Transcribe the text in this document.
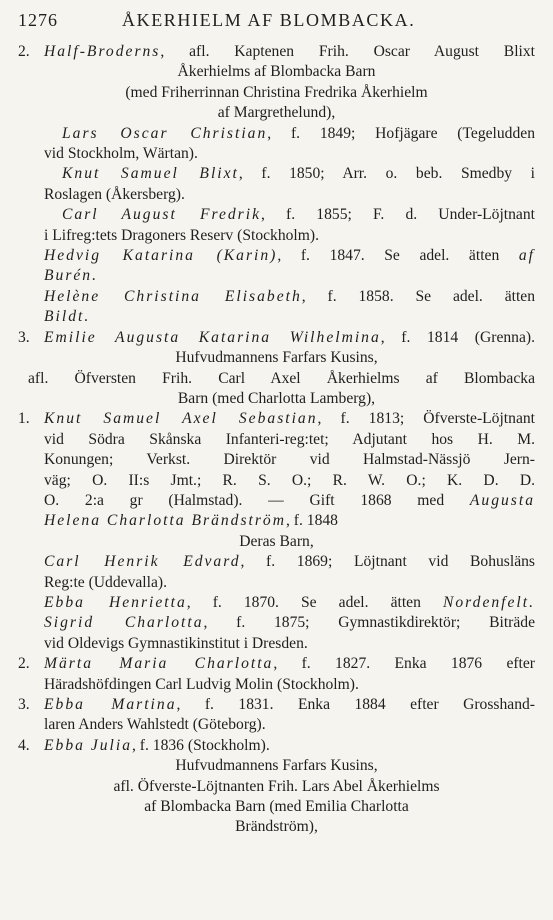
1276	ÅKERHIELM AF BLOMBACKA.
2. Half-Broderns, afl. Kaptenen Frih. Oscar August Blixt
Åkerhielms af Blombacka Barn
(med Friherrinnan Christina Fredrika Åkerhielm
af Margrethelund),
Lars Oscar Christian, f. 1849; Hofjägare (Tegeludden
vid Stockholm, Wärtan).
Knut Samuel Blixt, f. 1850; Arr. o. beb. Smedby i
Roslagen (Åkersberg).
Carl August Fredrik, f. 1855; F. d. Under-Löjtnant
i Lifreg:tets Dragoners Reserv (Stockholm).
Hedvig Katarina (Karin), f. 1847. Se adel. ätten af
Burén.
Helène Christina Elisabeth, f. 1858. Se adel. ätten
Bildt.
3. Emilie Augusta Katarina Wilhelmina, f. 1814 (Grenna).
Hufvudmannens Farfars Kusins,
afl. Öfversten Frih. Carl Axel Åkerhielms af Blombacka
Barn (med Charlotta Lamberg),
1. Knut Samuel Axel Sebastian, f. 1813; Öfverste-Löjtnant
vid Södra Skånska Infanteri-reg:tet; Adjutant hos H. M.
Konungen; Verkst. Direktör vid Halmstad-Nässjö Jern-
väg; O. II:s Jmt.; R. S. O.; R. W. O.; K. D. D.
O. 2:a gr (Halmstad). — Gift 1868 med Augusta
Helena Charlotta Brändström, f. 1848
Deras Barn,
Carl Henrik Edvard, f. 1869; Löjtnant vid Bohusläns
Reg:te (Uddevalla).
Ebba Henrietta, f. 1870. Se adel. ätten Nordenfelt.
Sigrid Charlotta, f. 1875; Gymnastikdirektör; Biträde
vid Oldevigs Gymnastikinstitut i Dresden.
2. Märta Maria Charlotta, f. 1827. Enka 1876 efter
Häradshöfdingen Carl Ludvig Molin (Stockholm).
3. Ebba Martina, f. 1831. Enka 1884 efter Grosshand-
laren Anders Wahlstedt (Göteborg).
4. Ebba Julia, f. 1836 (Stockholm).
Hufvudmannens Farfars Kusins,
afl. Öfverste-Löjtnanten Frih. Lars Abel Åkerhielms
af Blombacka Barn (med Emilia Charlotta
Brändström),
